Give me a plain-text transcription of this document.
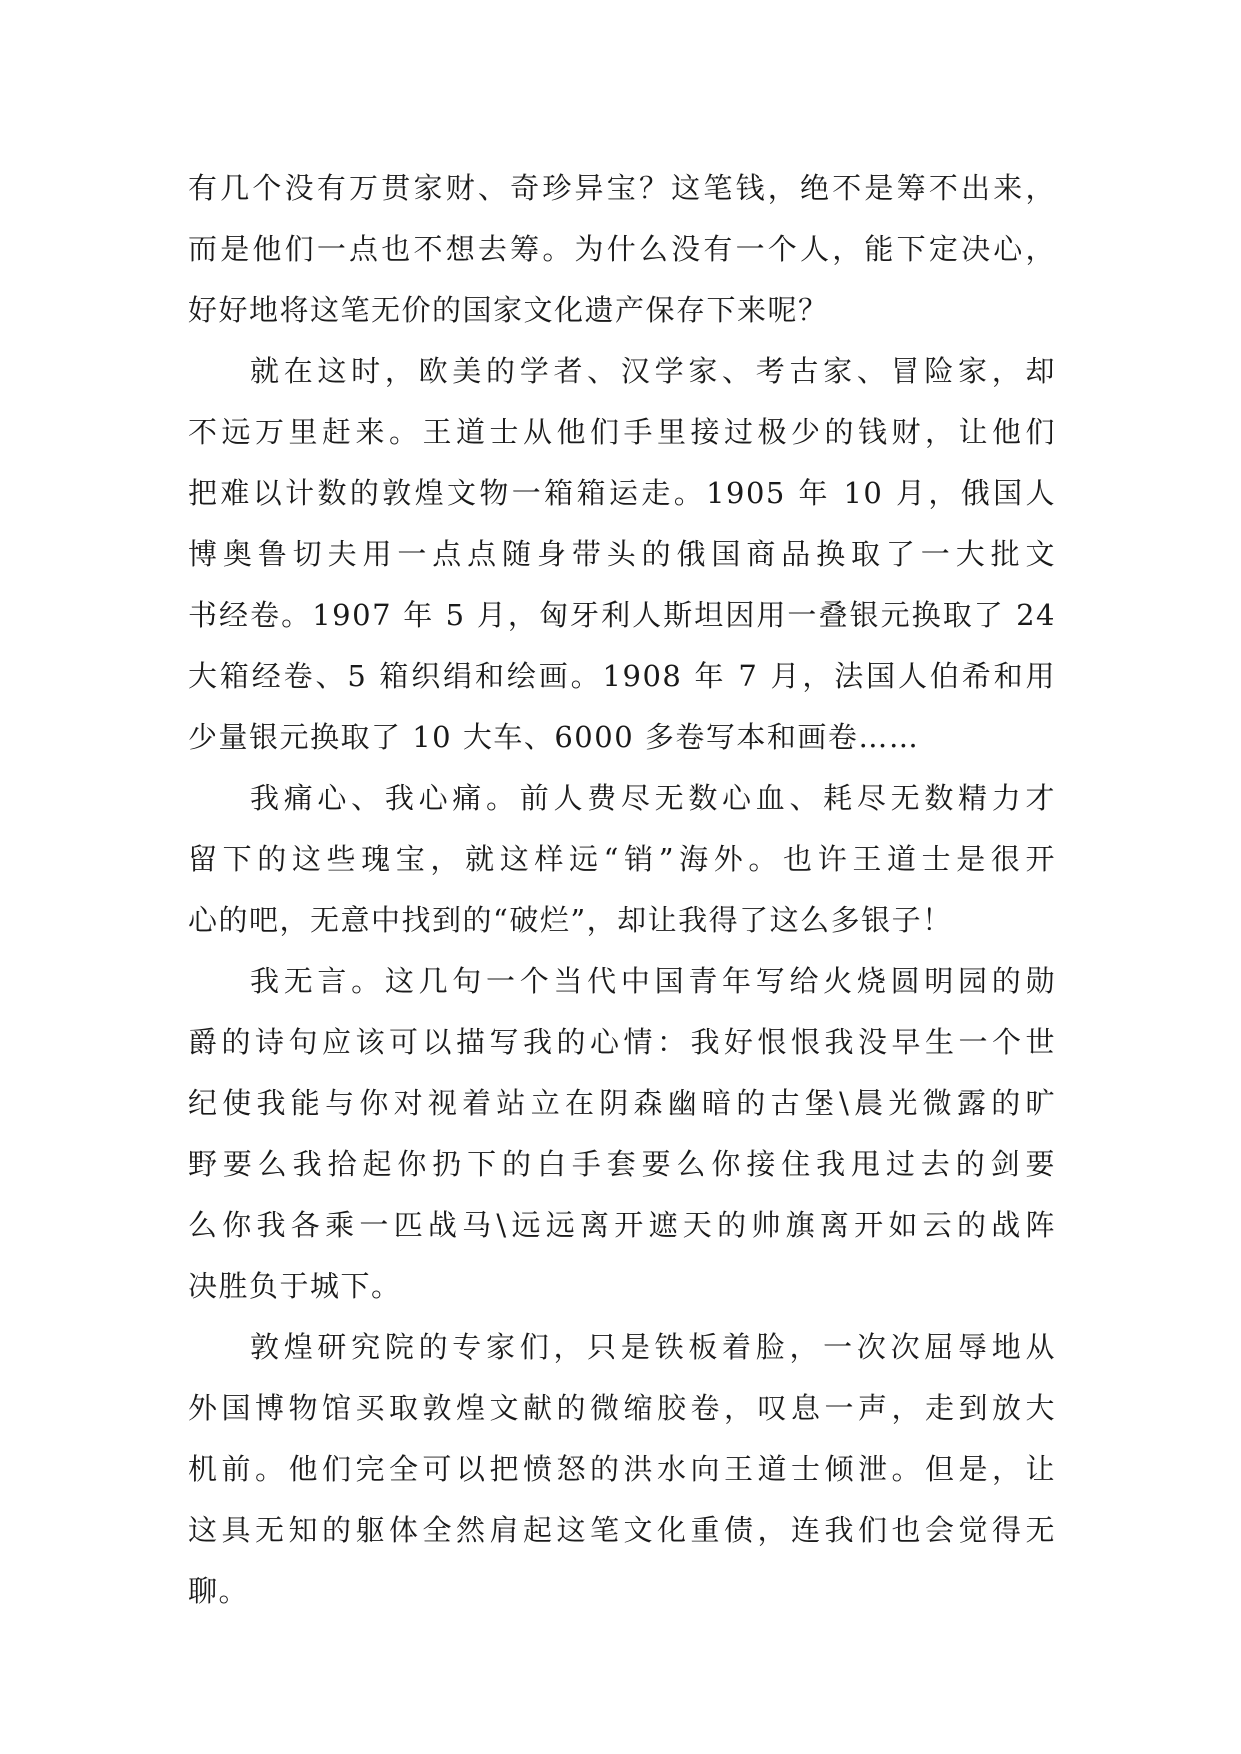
有几个没有万贯家财、奇珍异宝？这笔钱，绝不是筹不出来，
而是他们一点也不想去筹。为什么没有一个人，能下定决心，
好好地将这笔无价的国家文化遗产保存下来呢？
就在这时，欧美的学者、汉学家、考古家、冒险家，却
不远万里赶来。王道士从他们手里接过极少的钱财，让他们
把难以计数的敦煌文物一箱箱运走。1905 年 10 月，俄国人
博奥鲁切夫用一点点随身带头的俄国商品换取了一大批文
书经卷。1907 年 5 月，匈牙利人斯坦因用一叠银元换取了 24
大箱经卷、5 箱织绢和绘画。1908 年 7 月，法国人伯希和用
少量银元换取了 10 大车、6000 多卷写本和画卷……
我痛心、我心痛。前人费尽无数心血、耗尽无数精力才
留下的这些瑰宝，就这样远“销”海外。也许王道士是很开
心的吧，无意中找到的“破烂”，却让我得了这么多银子！
我无言。这几句一个当代中国青年写给火烧圆明园的勋
爵的诗句应该可以描写我的心情：我好恨恨我没早生一个世
纪使我能与你对视着站立在阴森幽暗的古堡\晨光微露的旷
野要么我拾起你扔下的白手套要么你接住我甩过去的剑要
么你我各乘一匹战马\远远离开遮天的帅旗离开如云的战阵
决胜负于城下。
敦煌研究院的专家们，只是铁板着脸，一次次屈辱地从
外国博物馆买取敦煌文献的微缩胶卷，叹息一声，走到放大
机前。他们完全可以把愤怒的洪水向王道士倾泄。但是，让
这具无知的躯体全然肩起这笔文化重债，连我们也会觉得无
聊。
